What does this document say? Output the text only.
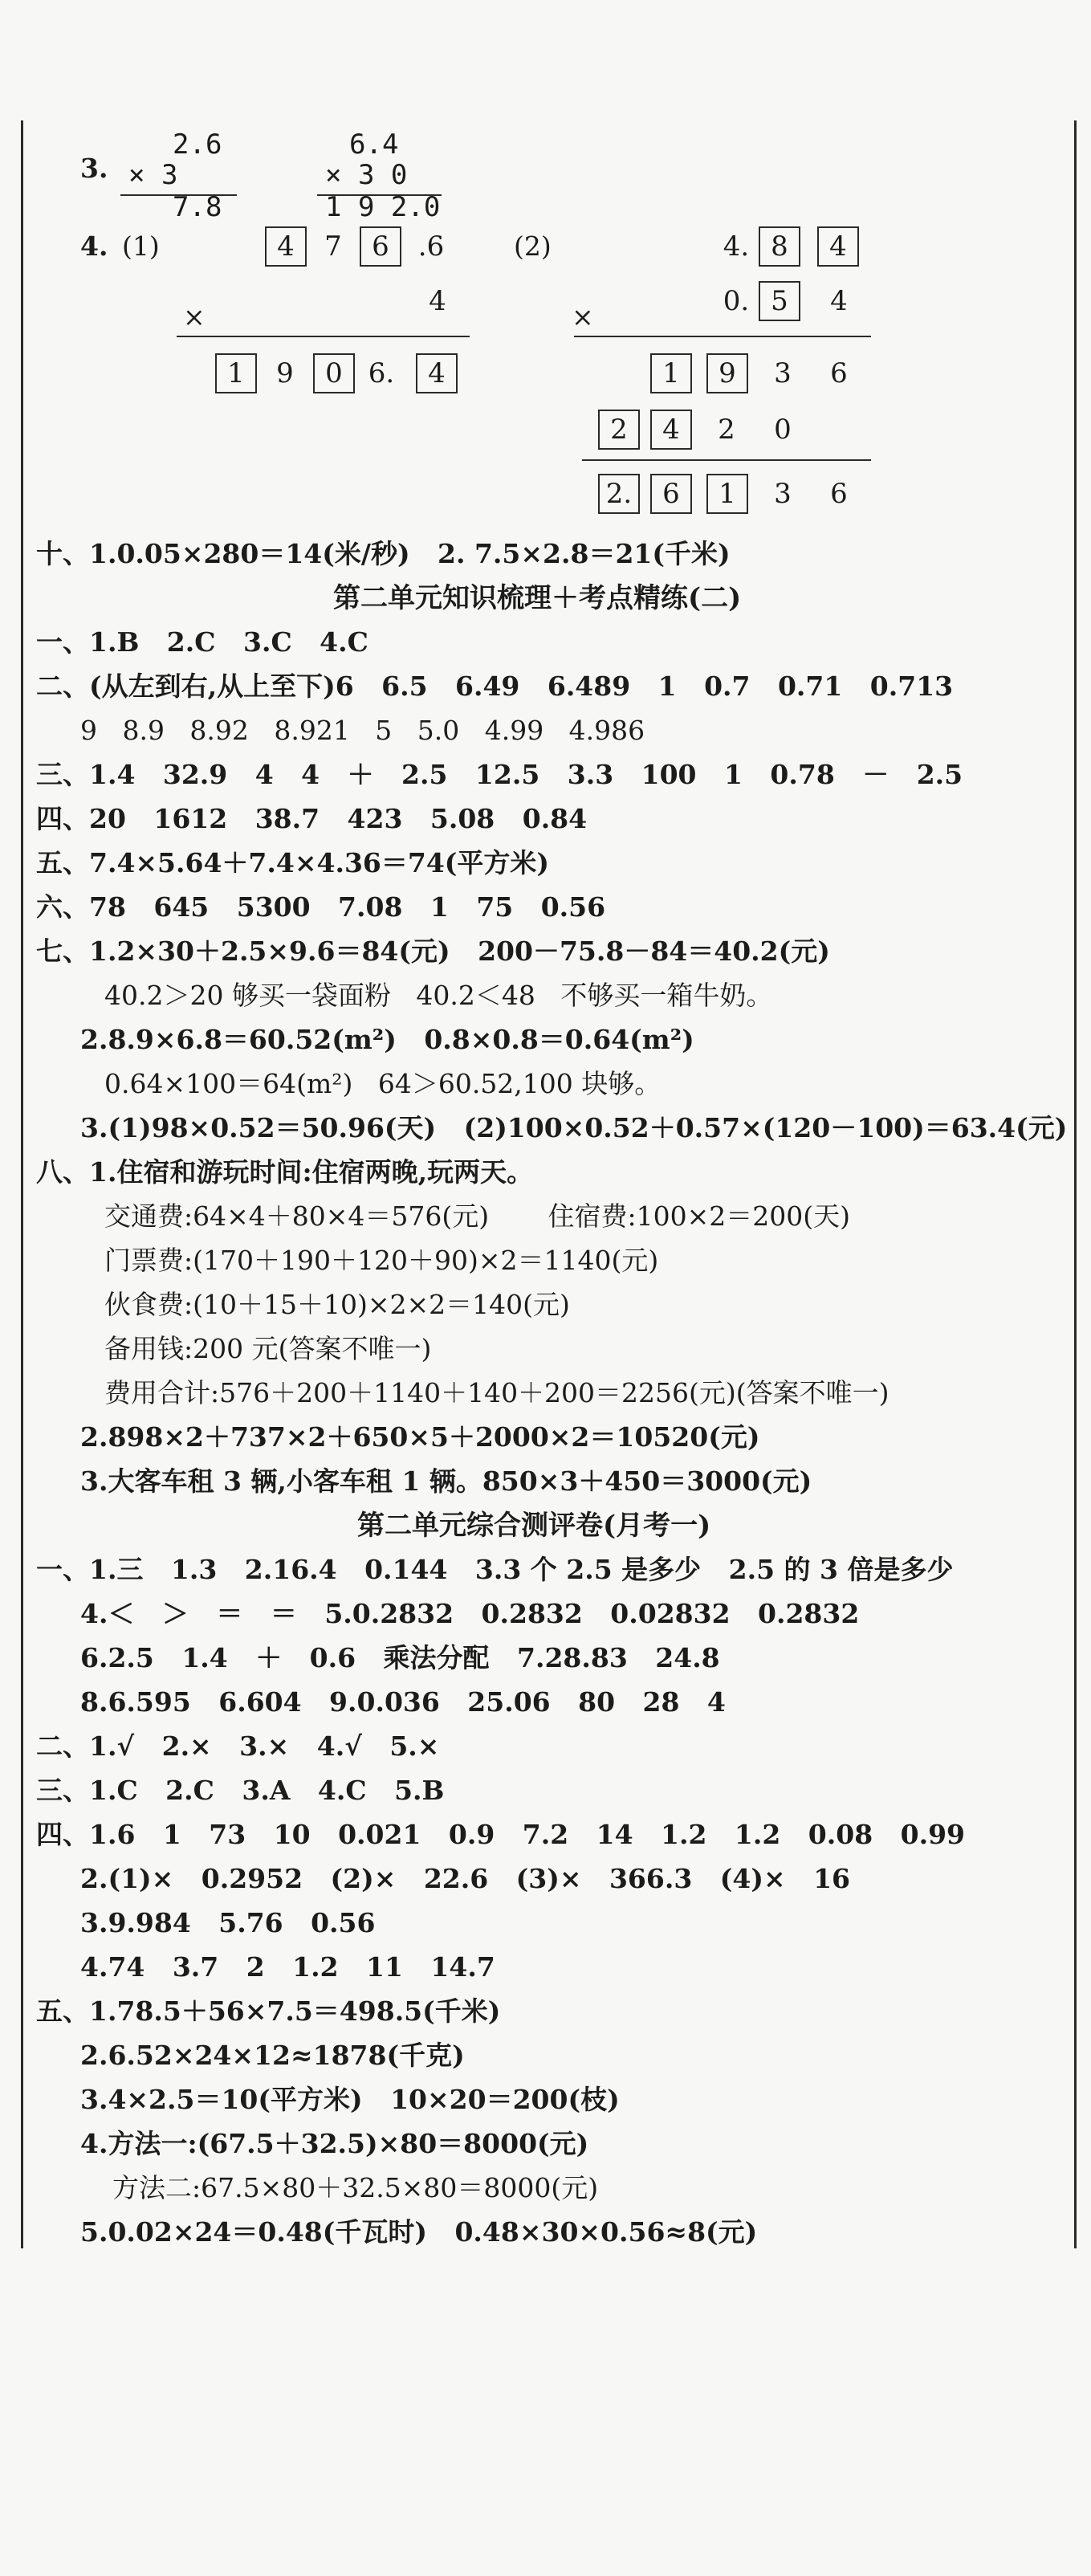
3.
2.6
× 3
7.8
6.4
× 3 0
1 9 2.0
4. (1)	4	7	6	.6
×	4
1	9	0 6.	4
(2)	4. 8	4
×	0. 5	4
1	9	3	6
2	4	2	0
2.	6	1	3	6
十、1.0.05×280＝14(米/秒)   2. 7.5×2.8＝21(千米)
第二单元知识梳理＋考点精练(二)
一、1.B   2.C   3.C   4.C
二、(从左到右,从上至下)6   6.5   6.49   6.489   1   0.7   0.71   0.713
9   8.9   8.92   8.921   5   5.0   4.99   4.986
三、1.4   32.9   4   4   ＋   2.5   12.5   3.3   100   1   0.78   －   2.5
四、20   1612   38.7   423   5.08   0.84
五、7.4×5.64＋7.4×4.36＝74(平方米)
六、78   645   5300   7.08   1   75   0.56
七、1.2×30＋2.5×9.6＝84(元)   200－75.8－84＝40.2(元)
40.2＞20 够买一袋面粉   40.2＜48   不够买一箱牛奶。
2.8.9×6.8＝60.52(m²)   0.8×0.8＝0.64(m²)
0.64×100＝64(m²)   64＞60.52,100 块够。
3.(1)98×0.52＝50.96(天)   (2)100×0.52＋0.57×(120－100)＝63.4(元)
八、1.住宿和游玩时间:住宿两晚,玩两天。
交通费:64×4＋80×4＝576(元)       住宿费:100×2＝200(天)
门票费:(170＋190＋120＋90)×2＝1140(元)
伙食费:(10＋15＋10)×2×2＝140(元)
备用钱:200 元(答案不唯一)
费用合计:576＋200＋1140＋140＋200＝2256(元)(答案不唯一)
2.898×2＋737×2＋650×5＋2000×2＝10520(元)
3.大客车租 3 辆,小客车租 1 辆。850×3＋450＝3000(元)
第二单元综合测评卷(月考一)
一、1.三   1.3   2.16.4   0.144   3.3 个 2.5 是多少   2.5 的 3 倍是多少
4.＜   ＞   ＝   ＝   5.0.2832   0.2832   0.02832   0.2832
6.2.5   1.4   ＋   0.6   乘法分配   7.28.83   24.8
8.6.595   6.604   9.0.036   25.06   80   28   4
二、1.√   2.×   3.×   4.√   5.×
三、1.C   2.C   3.A   4.C   5.B
四、1.6   1   73   10   0.021   0.9   7.2   14   1.2   1.2   0.08   0.99
2.(1)×   0.2952   (2)×   22.6   (3)×   366.3   (4)×   16
3.9.984   5.76   0.56
4.74   3.7   2   1.2   11   14.7
五、1.78.5＋56×7.5＝498.5(千米)
2.6.52×24×12≈1878(千克)
3.4×2.5＝10(平方米)   10×20＝200(枝)
4.方法一:(67.5＋32.5)×80＝8000(元)
方法二:67.5×80＋32.5×80＝8000(元)
5.0.02×24＝0.48(千瓦时)   0.48×30×0.56≈8(元)
